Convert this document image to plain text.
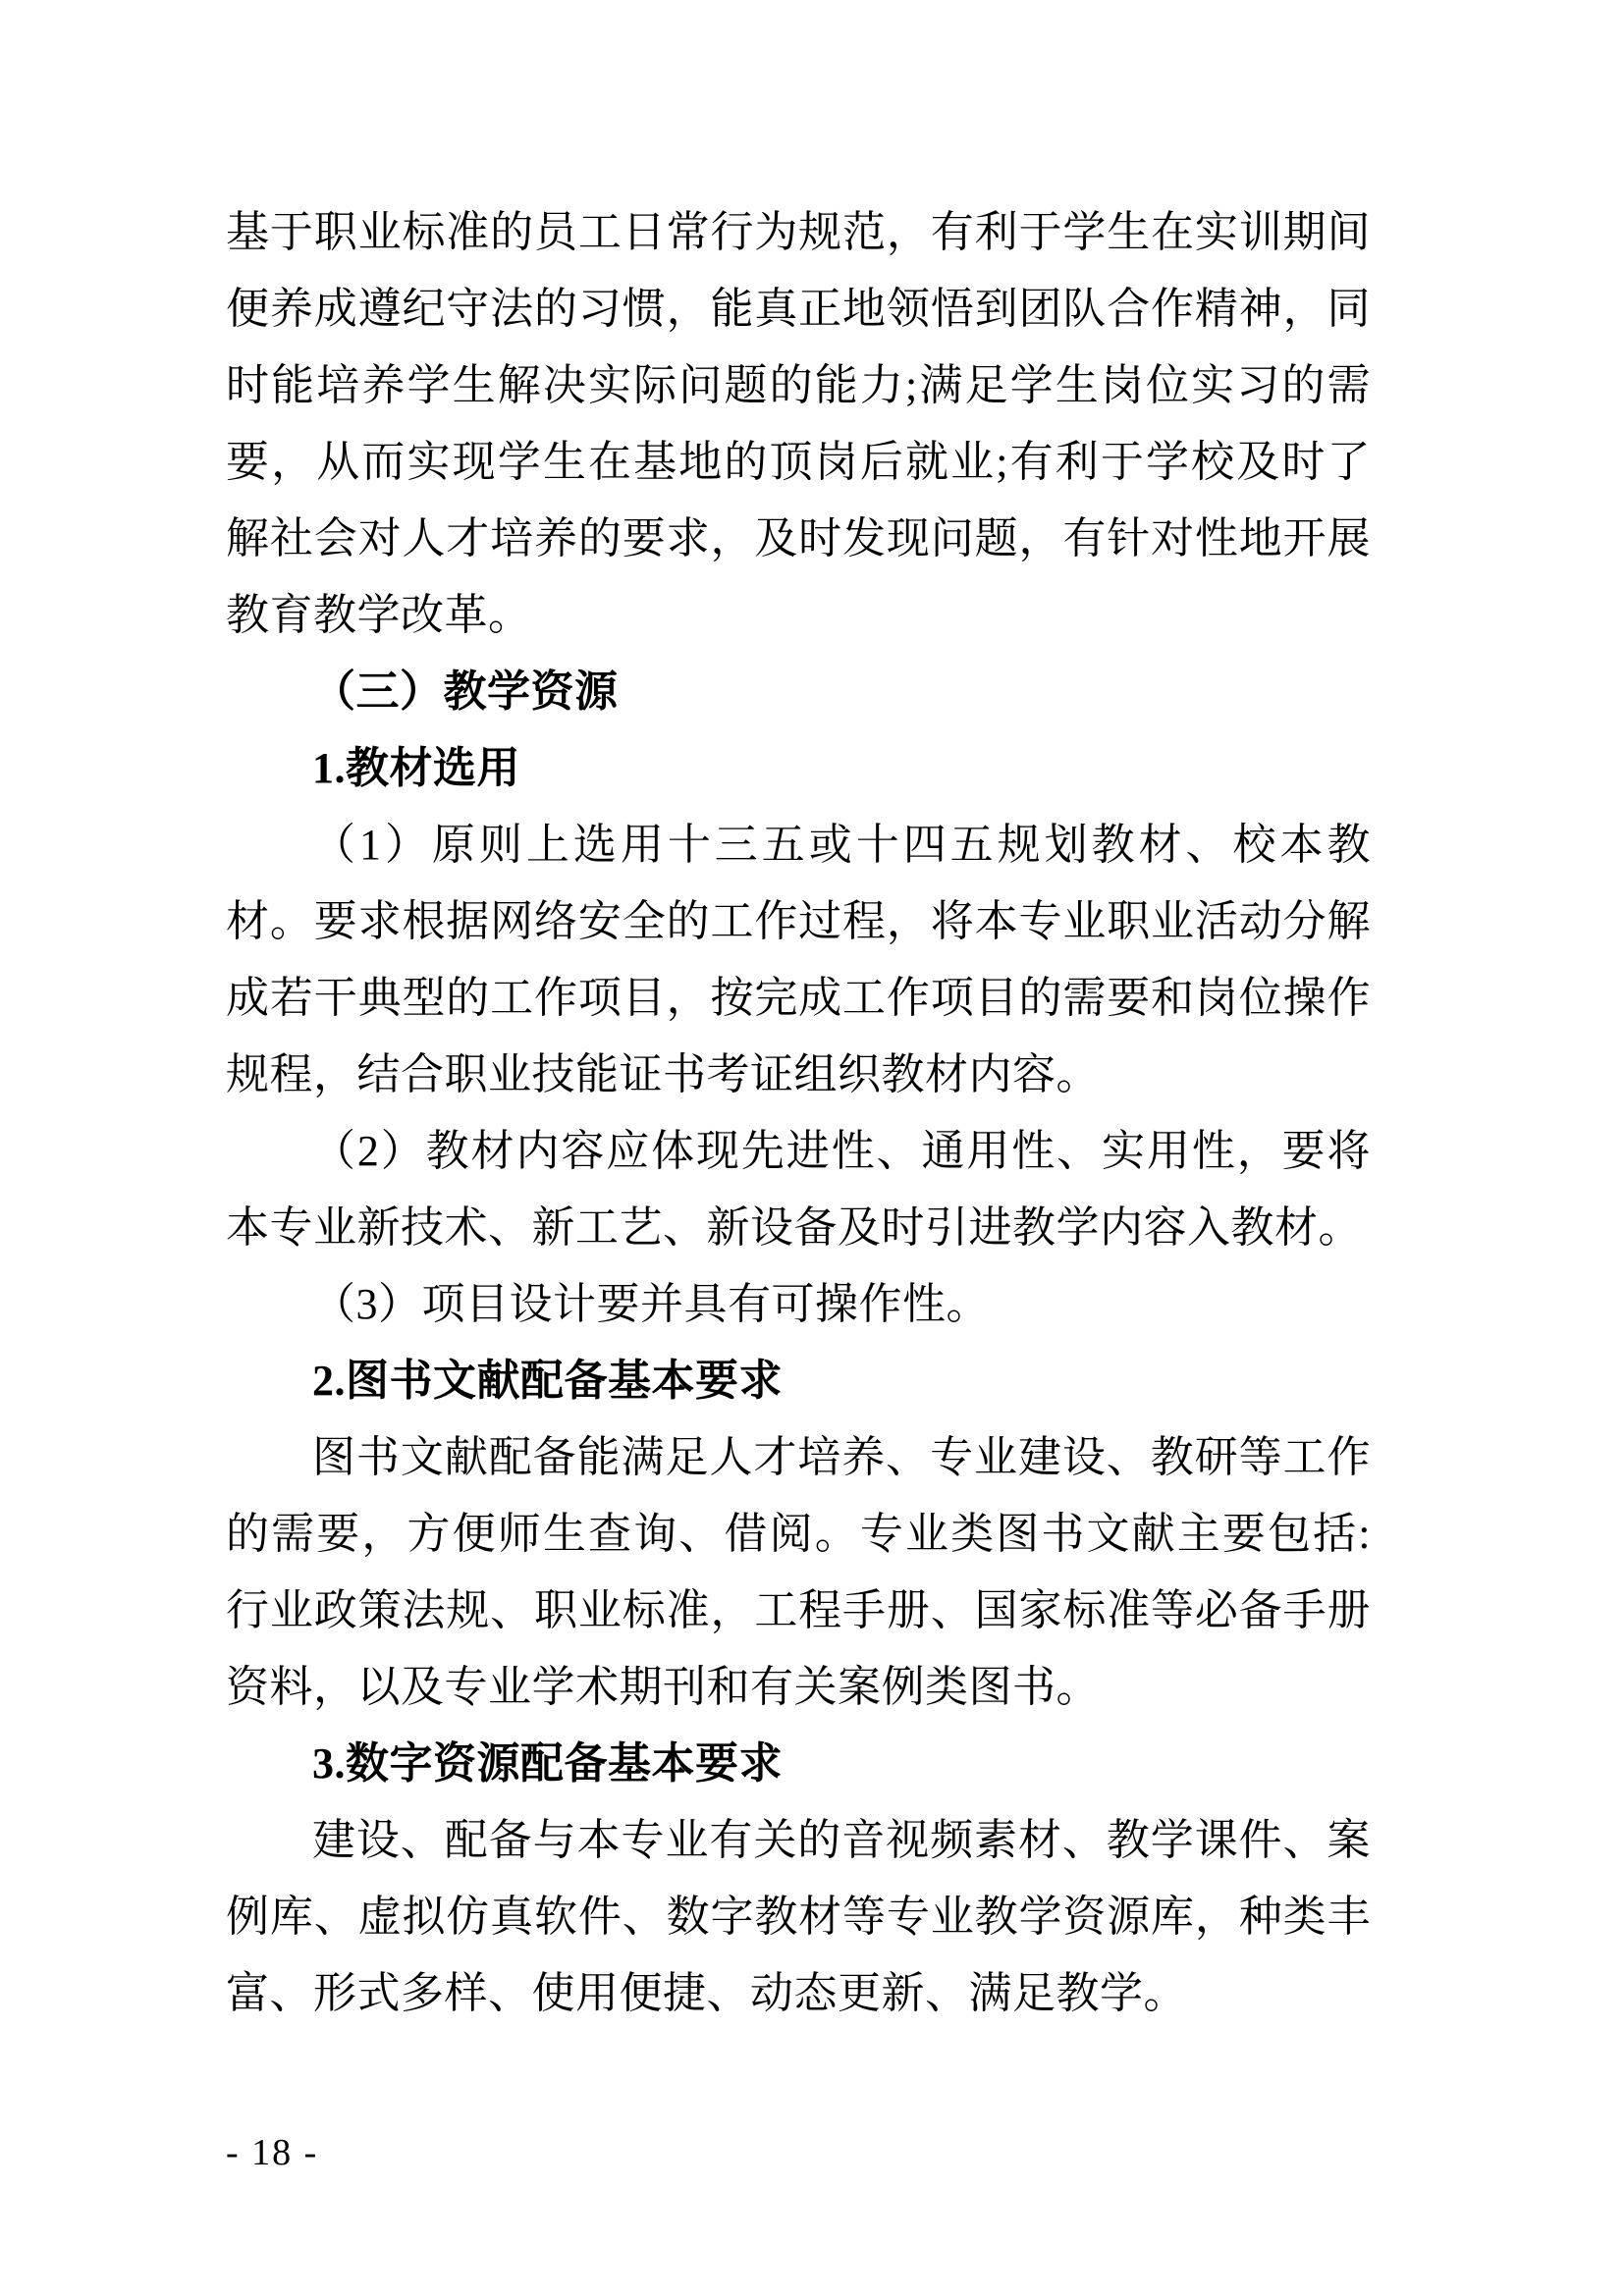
基于职业标准的员工日常行为规范，有利于学生在实训期间便养成遵纪守法的习惯，能真正地领悟到团队合作精神，同时能培养学生解决实际问题的能力;满足学生岗位实习的需要，从而实现学生在基地的顶岗后就业;有利于学校及时了解社会对人才培养的要求，及时发现问题，有针对性地开展教育教学改革。

（三）教学资源
1.教材选用

（1）原则上选用十三五或十四五规划教材、校本教材。要求根据网络安全的工作过程，将本专业职业活动分解成若干典型的工作项目，按完成工作项目的需要和岗位操作规程，结合职业技能证书考证组织教材内容。

（2）教材内容应体现先进性、通用性、实用性，要将本专业新技术、新工艺、新设备及时引进教学内容入教材。

（3）项目设计要并具有可操作性。

2.图书文献配备基本要求

图书文献配备能满足人才培养、专业建设、教研等工作的需要，方便师生查询、借阅。专业类图书文献主要包括:行业政策法规、职业标准，工程手册、国家标准等必备手册资料，以及专业学术期刊和有关案例类图书。

3.数字资源配备基本要求

建设、配备与本专业有关的音视频素材、教学课件、案例库、虚拟仿真软件、数字教材等专业教学资源库，种类丰富、形式多样、使用便捷、动态更新、满足教学。

- 18 -
